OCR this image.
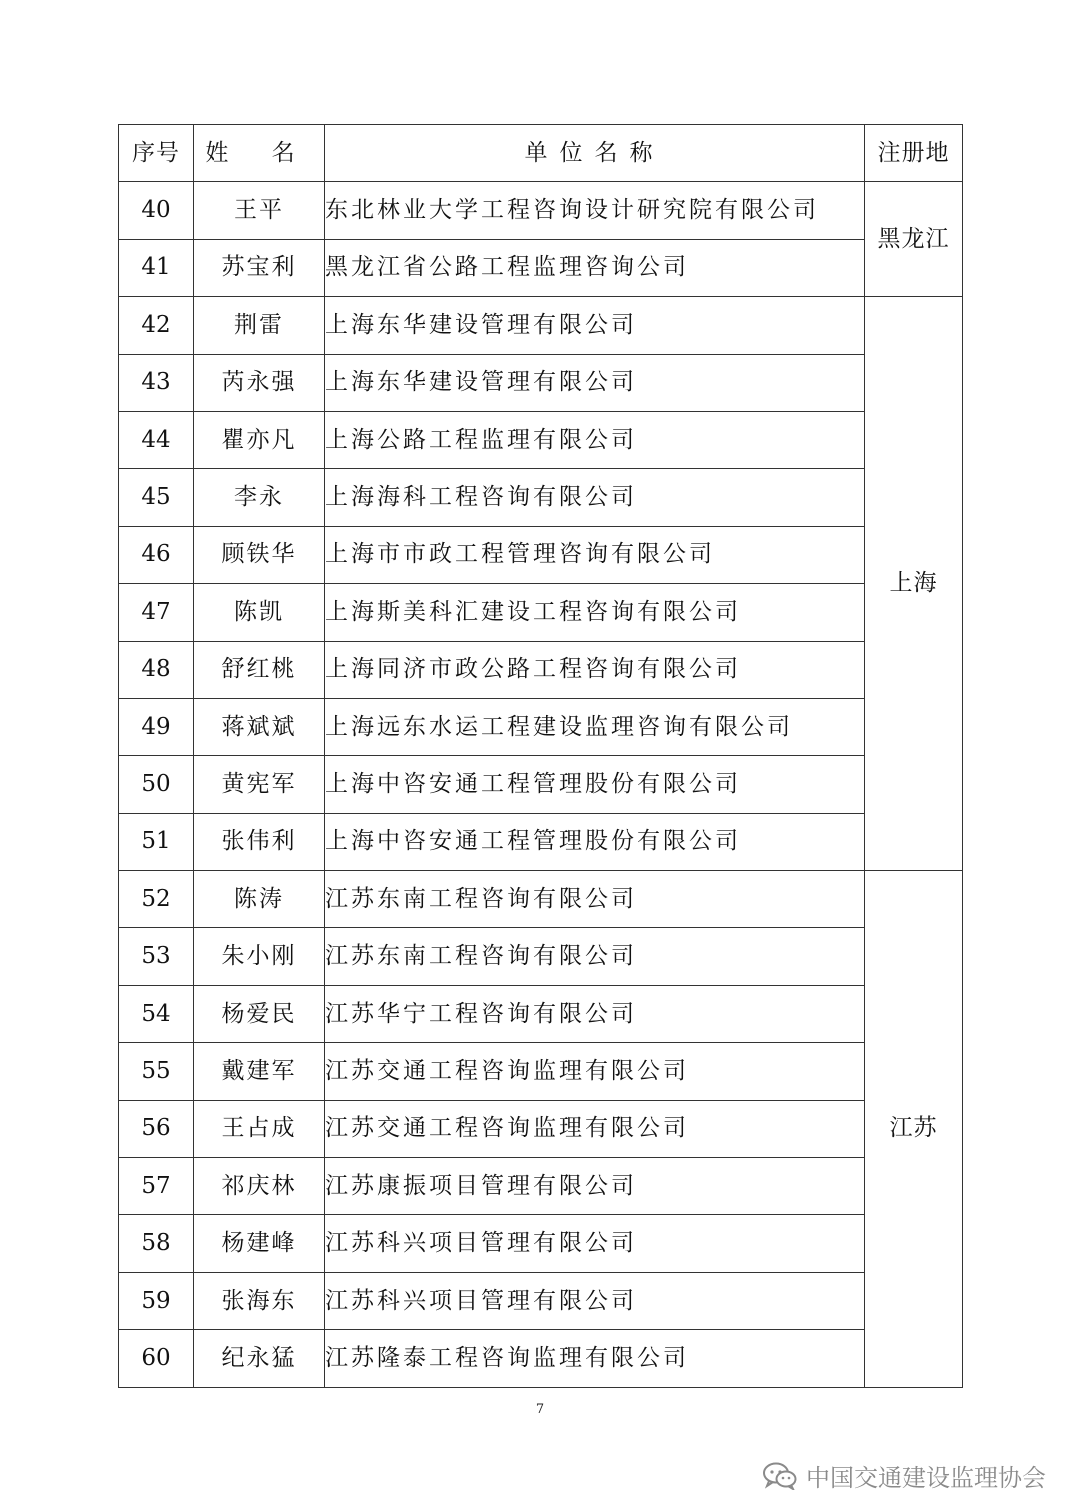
序号	姓 名	单位名称	注册地
40	王平	东北林业大学工程咨询设计研究院有限公司	黑龙江
41	苏宝利	黑龙江省公路工程监理咨询公司	
42	荆雷	上海东华建设管理有限公司	上海
43	芮永强	上海东华建设管理有限公司	
44	瞿亦凡	上海公路工程监理有限公司	
45	李永	上海海科工程咨询有限公司	
46	顾铁华	上海市市政工程管理咨询有限公司	
47	陈凯	上海斯美科汇建设工程咨询有限公司	
48	舒红桃	上海同济市政公路工程咨询有限公司	
49	蒋斌斌	上海远东水运工程建设监理咨询有限公司	
50	黄宪军	上海中咨安通工程管理股份有限公司	
51	张伟利	上海中咨安通工程管理股份有限公司	
52	陈涛	江苏东南工程咨询有限公司	江苏
53	朱小刚	江苏东南工程咨询有限公司	
54	杨爱民	江苏华宁工程咨询有限公司	
55	戴建军	江苏交通工程咨询监理有限公司	
56	王占成	江苏交通工程咨询监理有限公司	
57	祁庆林	江苏康振项目管理有限公司	
58	杨建峰	江苏科兴项目管理有限公司	
59	张海东	江苏科兴项目管理有限公司	
60	纪永猛	江苏隆泰工程咨询监理有限公司	
7
中国交通建设监理协会
